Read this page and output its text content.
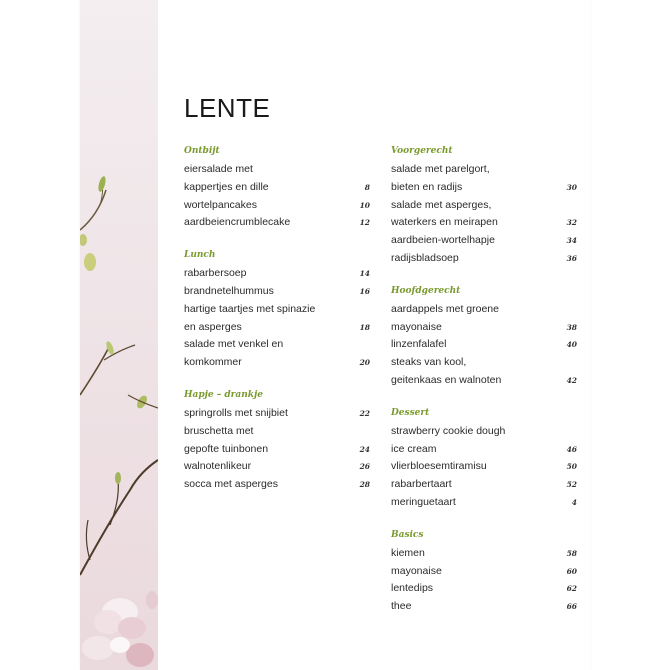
LENTE
Ontbijt
eiersalade met
kappertjes en dille	8
wortelpancakes	10
aardbeiencrumblecake	12
Lunch
rabarbersoep	14
brandnetelhummus	16
hartige taartjes met spinazie
en asperges	18
salade met venkel en
komkommer	20
Hapje – drankje
springrolls met snijbiet	22
bruschetta met
gepofte tuinbonen	24
walnotenlikeur	26
socca met asperges	28
Voorgerecht
salade met parelgort,
bieten en radijs	30
salade met asperges,
waterkers en meirapen	32
aardbeien-wortelhapje	34
radijsbladsoep	36
Hoofdgerecht
aardappels met groene
mayonaise	38
linzenfalafel	40
steaks van kool,
geitenkaas en walnoten	42
Dessert
strawberry cookie dough
ice cream	46
vlierbloesemtiramisu	50
rabarbertaart	52
meringuetaart	4
Basics
kiemen	58
mayonaise	60
lentedips	62
thee	66
